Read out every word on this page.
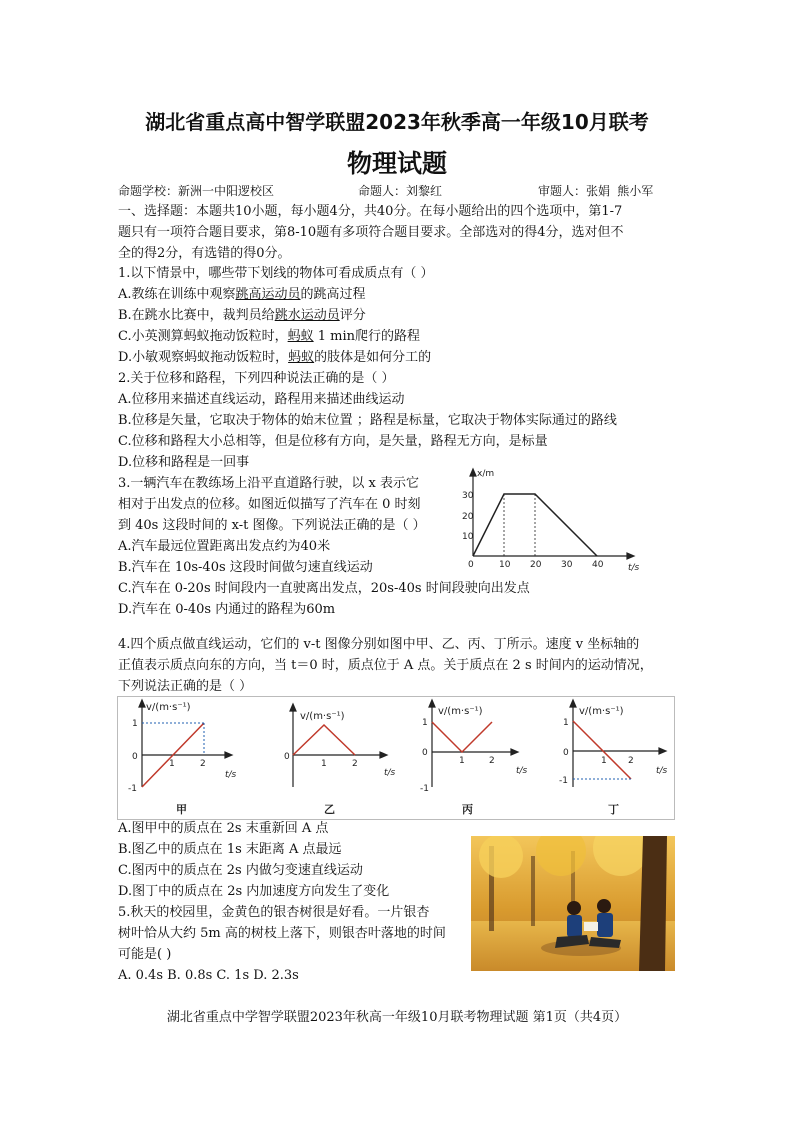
湖北省重点高中智学联盟2023年秋季高一年级10月联考
物理试题
命题学校：新洲一中阳逻校区	命题人：刘黎红	审题人：张娟 熊小军
一、选择题：本题共10小题，每小题4分，共40分。在每小题给出的四个选项中，第1-7
题只有一项符合题目要求，第8-10题有多项符合题目要求。全部选对的得4分，选对但不
全的得2分，有选错的得0分。
1.以下情景中，哪些带下划线的物体可看成质点有（ ）
A.教练在训练中观察跳高运动员的跳高过程
B.在跳水比赛中，裁判员给跳水运动员评分
C.小英测算蚂蚁拖动饭粒时，蚂蚁 1 min爬行的路程
D.小敏观察蚂蚁拖动饭粒时，蚂蚁的肢体是如何分工的
2.关于位移和路程，下列四种说法正确的是（ ）
A.位移用来描述直线运动，路程用来描述曲线运动
B.位移是矢量，它取决于物体的始末位置 ；路程是标量，它取决于物体实际通过的路线
C.位移和路程大小总相等，但是位移有方向，是矢量，路程无方向，是标量
D.位移和路程是一回事
3.一辆汽车在教练场上沿平直道路行驶，以 x 表示它
相对于出发点的位移。如图近似描写了汽车在 0 时刻
到 40s 这段时间的 x-t 图像。下列说法正确的是（ ）
A.汽车最远位置距离出发点约为40米
B.汽车在 10s-40s 这段时间做匀速直线运动
C.汽车在 0-20s 时间段内一直驶离出发点，20s-40s 时间段驶向出发点
D.汽车在 0-40s 内通过的路程为60m
x/m
30
20
10
0	10 20 30 40	t/s
4.四个质点做直线运动，它们的 v-t 图像分别如图中甲、乙、丙、丁所示。速度 v 坐标轴的
正值表示质点向东的方向，当 t＝0 时，质点位于 A 点。关于质点在 2 s 时间内的运动情况，
下列说法正确的是（ ）
v/(m·s⁻¹)
1
0
-1
1	2
t/s
甲
v/(m·s⁻¹)
0
1	2
t/s
乙
v/(m·s⁻¹)
1
0
-1
1	2
t/s
丙
v/(m·s⁻¹)
1
0
-1
1 2
t/s
丁
A.图甲中的质点在 2s 末重新回 A 点
B.图乙中的质点在 1s 末距离 A 点最远
C.图丙中的质点在 2s 内做匀变速直线运动
D.图丁中的质点在 2s 内加速度方向发生了变化
5.秋天的校园里，金黄色的银杏树很是好看。一片银杏
树叶恰从大约 5m 高的树枝上落下，则银杏叶落地的时间
可能是( )
A. 0.4s B. 0.8s C. 1s D. 2.3s
湖北省重点中学智学联盟2023年秋高一年级10月联考物理试题 第1页（共4页）
